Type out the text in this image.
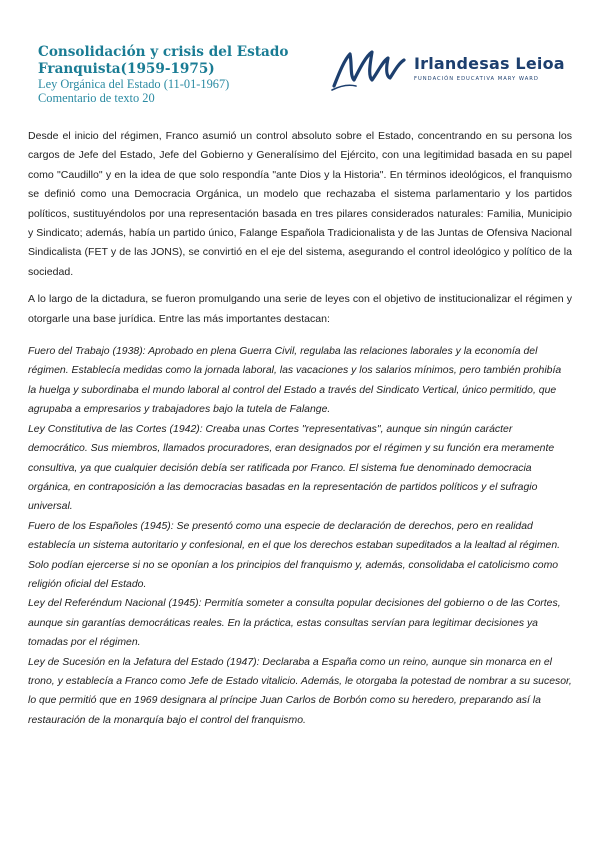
Consolidación y crisis del Estado

Franquista(1959-1975)

Ley Orgánica del Estado (11-01-1967)

Comentario de texto 20

Irlandesas Leioa
FUNDACIÓN EDUCATIVA MARY WARD

Desde el inicio del régimen, Franco asumió un control absoluto sobre el Estado, concentrando en su persona los cargos de Jefe del Estado, Jefe del Gobierno y Generalísimo del Ejército, con una legitimidad basada en su papel como "Caudillo" y en la idea de que solo respondía "ante Dios y la Historia". En términos ideológicos, el franquismo se definió como una Democracia Orgánica, un modelo que rechazaba el sistema parlamentario y los partidos políticos, sustituyéndolos por una representación basada en tres pilares considerados naturales: Familia, Municipio y Sindicato; además, había un partido único, Falange Española Tradicionalista y de las Juntas de Ofensiva Nacional Sindicalista (FET y de las JONS), se convirtió en el eje del sistema, asegurando el control ideológico y político de la sociedad.

A lo largo de la dictadura, se fueron promulgando una serie de leyes con el objetivo de institucionalizar el régimen y otorgarle una base jurídica. Entre las más importantes destacan:

Fuero del Trabajo (1938): Aprobado en plena Guerra Civil, regulaba las relaciones laborales y la economía del régimen. Establecía medidas como la jornada laboral, las vacaciones y los salarios mínimos, pero también prohibía la huelga y subordinaba el mundo laboral al control del Estado a través del Sindicato Vertical, único permitido, que agrupaba a empresarios y trabajadores bajo la tutela de Falange.

Ley Constitutiva de las Cortes (1942): Creaba unas Cortes "representativas", aunque sin ningún carácter democrático. Sus miembros, llamados procuradores, eran designados por el régimen y su función era meramente consultiva, ya que cualquier decisión debía ser ratificada por Franco. El sistema fue denominado democracia orgánica, en contraposición a las democracias basadas en la representación de partidos políticos y el sufragio universal.

Fuero de los Españoles (1945): Se presentó como una especie de declaración de derechos, pero en realidad establecía un sistema autoritario y confesional, en el que los derechos estaban supeditados a la lealtad al régimen. Solo podían ejercerse si no se oponían a los principios del franquismo y, además, consolidaba el catolicismo como religión oficial del Estado.

Ley del Referéndum Nacional (1945): Permitía someter a consulta popular decisiones del gobierno o de las Cortes, aunque sin garantías democráticas reales. En la práctica, estas consultas servían para legitimar decisiones ya tomadas por el régimen.

Ley de Sucesión en la Jefatura del Estado (1947): Declaraba a España como un reino, aunque sin monarca en el trono, y establecía a Franco como Jefe de Estado vitalicio. Además, le otorgaba la potestad de nombrar a su sucesor, lo que permitió que en 1969 designara al príncipe Juan Carlos de Borbón como su heredero, preparando así la restauración de la monarquía bajo el control del franquismo.
